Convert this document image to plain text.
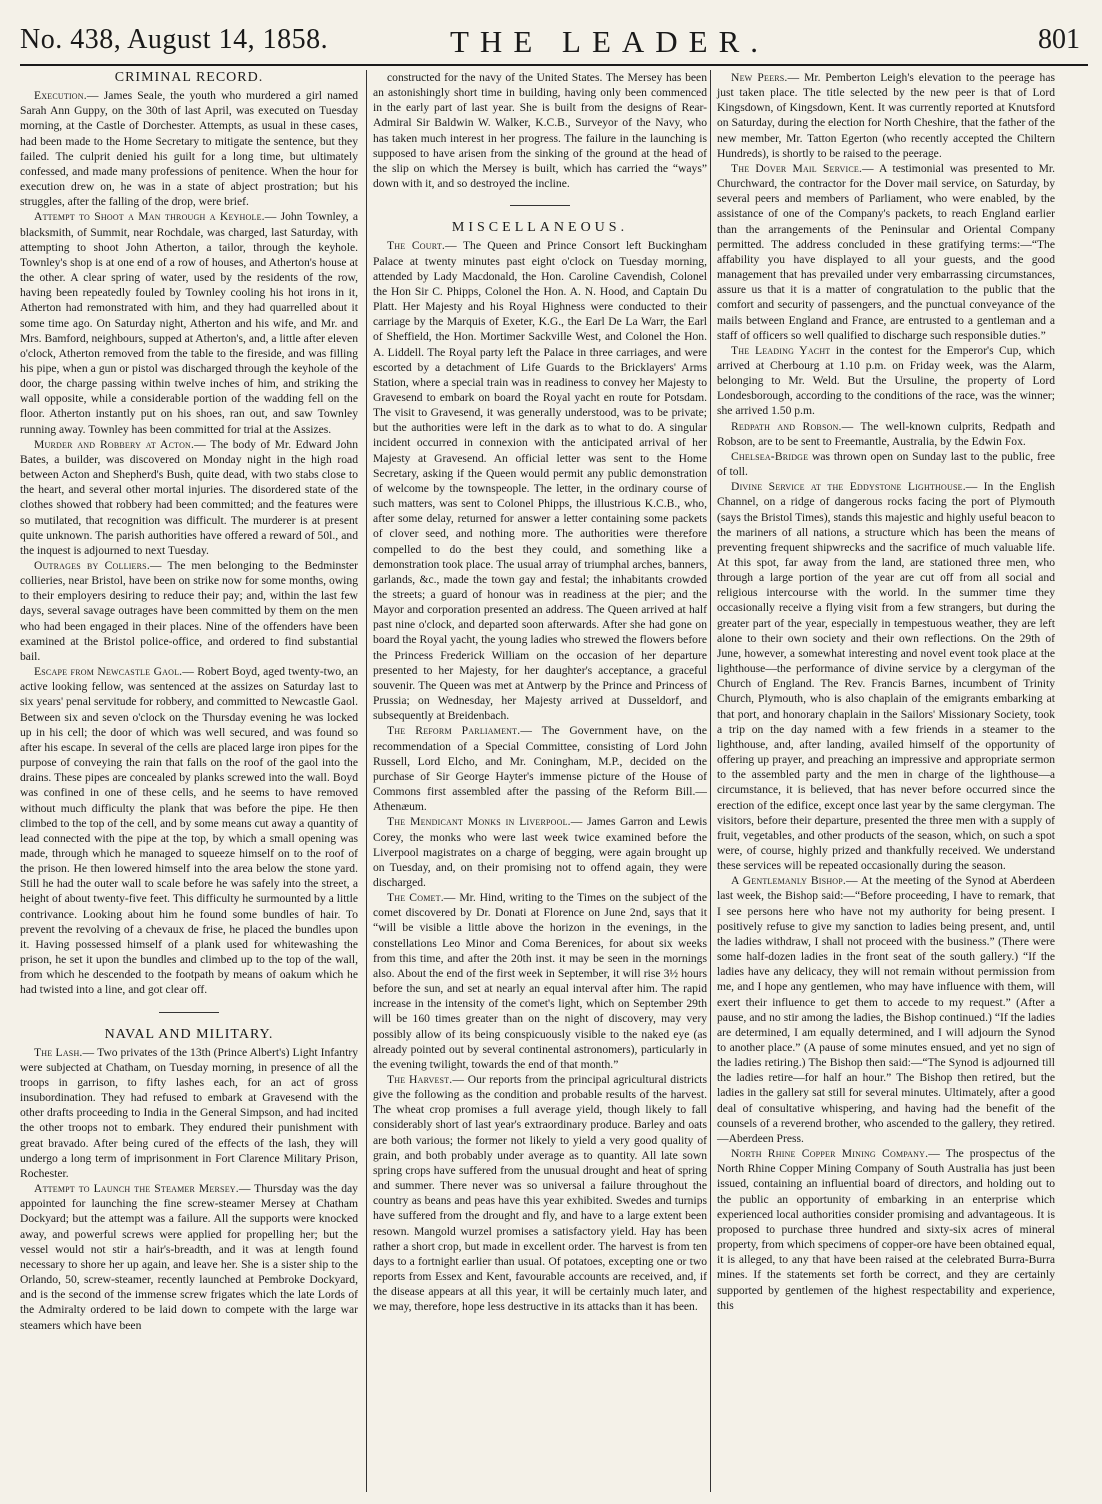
No. 438, August 14, 1858.	THE LEADER.	801
CRIMINAL RECORD.

Execution.— James Seale, the youth who murdered a girl named Sarah Ann Guppy, on the 30th of last April, was executed on Tuesday morning, at the Castle of Dorchester. Attempts, as usual in these cases, had been made to the Home Secretary to mitigate the sentence, but they failed. The culprit denied his guilt for a long time, but ultimately confessed, and made many professions of penitence. When the hour for execution drew on, he was in a state of abject prostration; but his struggles, after the falling of the drop, were brief.

Attempt to Shoot a Man through a Keyhole.— John Townley, a blacksmith, of Summit, near Rochdale, was charged, last Saturday, with attempting to shoot John Atherton, a tailor, through the keyhole. Townley's shop is at one end of a row of houses, and Atherton's house at the other. A clear spring of water, used by the residents of the row, having been repeatedly fouled by Townley cooling his hot irons in it, Atherton had remonstrated with him, and they had quarrelled about it some time ago. On Saturday night, Atherton and his wife, and Mr. and Mrs. Bamford, neighbours, supped at Atherton's, and, a little after eleven o'clock, Atherton removed from the table to the fireside, and was filling his pipe, when a gun or pistol was discharged through the keyhole of the door, the charge passing within twelve inches of him, and striking the wall opposite, while a considerable portion of the wadding fell on the floor. Atherton instantly put on his shoes, ran out, and saw Townley running away. Townley has been committed for trial at the Assizes.

Murder and Robbery at Acton.— The body of Mr. Edward John Bates, a builder, was discovered on Monday night in the high road between Acton and Shepherd's Bush, quite dead, with two stabs close to the heart, and several other mortal injuries. The disordered state of the clothes showed that robbery had been committed; and the features were so mutilated, that recognition was difficult. The murderer is at present quite unknown. The parish authorities have offered a reward of 50l., and the inquest is adjourned to next Tuesday.

Outrages by Colliers.— The men belonging to the Bedminster collieries, near Bristol, have been on strike now for some months, owing to their employers desiring to reduce their pay; and, within the last few days, several savage outrages have been committed by them on the men who had been engaged in their places. Nine of the offenders have been examined at the Bristol police-office, and ordered to find substantial bail.

Escape from Newcastle Gaol.— Robert Boyd, aged twenty-two, an active looking fellow, was sentenced at the assizes on Saturday last to six years' penal servitude for robbery, and committed to Newcastle Gaol. Between six and seven o'clock on the Thursday evening he was locked up in his cell; the door of which was well secured, and was found so after his escape. In several of the cells are placed large iron pipes for the purpose of conveying the rain that falls on the roof of the gaol into the drains. These pipes are concealed by planks screwed into the wall. Boyd was confined in one of these cells, and he seems to have removed without much difficulty the plank that was before the pipe. He then climbed to the top of the cell, and by some means cut away a quantity of lead connected with the pipe at the top, by which a small opening was made, through which he managed to squeeze himself on to the roof of the prison. He then lowered himself into the area below the stone yard. Still he had the outer wall to scale before he was safely into the street, a height of about twenty-five feet. This difficulty he surmounted by a little contrivance. Looking about him he found some bundles of hair. To prevent the revolving of a chevaux de frise, he placed the bundles upon it. Having possessed himself of a plank used for whitewashing the prison, he set it upon the bundles and climbed up to the top of the wall, from which he descended to the footpath by means of oakum which he had twisted into a line, and got clear off.

NAVAL AND MILITARY.

The Lash.— Two privates of the 13th (Prince Albert's) Light Infantry were subjected at Chatham, on Tuesday morning, in presence of all the troops in garrison, to fifty lashes each, for an act of gross insubordination. They had refused to embark at Gravesend with the other drafts proceeding to India in the General Simpson, and had incited the other troops not to embark. They endured their punishment with great bravado. After being cured of the effects of the lash, they will undergo a long term of imprisonment in Fort Clarence Military Prison, Rochester.

Attempt to Launch the Steamer Mersey.— Thursday was the day appointed for launching the fine screw-steamer Mersey at Chatham Dockyard; but the attempt was a failure. All the supports were knocked away, and powerful screws were applied for propelling her; but the vessel would not stir a hair's-breadth, and it was at length found necessary to shore her up again, and leave her. She is a sister ship to the Orlando, 50, screw-steamer, recently launched at Pembroke Dockyard, and is the second of the immense screw frigates which the late Lords of the Admiralty ordered to be laid down to compete with the large war steamers which have been

constructed for the navy of the United States. The Mersey has been an astonishingly short time in building, having only been commenced in the early part of last year. She is built from the designs of Rear-Admiral Sir Baldwin W. Walker, K.C.B., Surveyor of the Navy, who has taken much interest in her progress. The failure in the launching is supposed to have arisen from the sinking of the ground at the head of the slip on which the Mersey is built, which has carried the “ways” down with it, and so destroyed the incline.

MISCELLANEOUS.

The Court.— The Queen and Prince Consort left Buckingham Palace at twenty minutes past eight o'clock on Tuesday morning, attended by Lady Macdonald, the Hon. Caroline Cavendish, Colonel the Hon Sir C. Phipps, Colonel the Hon. A. N. Hood, and Captain Du Platt. Her Majesty and his Royal Highness were conducted to their carriage by the Marquis of Exeter, K.G., the Earl De La Warr, the Earl of Sheffield, the Hon. Mortimer Sackville West, and Colonel the Hon. A. Liddell. The Royal party left the Palace in three carriages, and were escorted by a detachment of Life Guards to the Bricklayers' Arms Station, where a special train was in readiness to convey her Majesty to Gravesend to embark on board the Royal yacht en route for Potsdam. The visit to Gravesend, it was generally understood, was to be private; but the authorities were left in the dark as to what to do. A singular incident occurred in connexion with the anticipated arrival of her Majesty at Gravesend. An official letter was sent to the Home Secretary, asking if the Queen would permit any public demonstration of welcome by the townspeople. The letter, in the ordinary course of such matters, was sent to Colonel Phipps, the illustrious K.C.B., who, after some delay, returned for answer a letter containing some packets of clover seed, and nothing more. The authorities were therefore compelled to do the best they could, and something like a demonstration took place. The usual array of triumphal arches, banners, garlands, &c., made the town gay and festal; the inhabitants crowded the streets; a guard of honour was in readiness at the pier; and the Mayor and corporation presented an address. The Queen arrived at half past nine o'clock, and departed soon afterwards. After she had gone on board the Royal yacht, the young ladies who strewed the flowers before the Princess Frederick William on the occasion of her departure presented to her Majesty, for her daughter's acceptance, a graceful souvenir. The Queen was met at Antwerp by the Prince and Princess of Prussia; on Wednesday, her Majesty arrived at Dusseldorf, and subsequently at Breidenbach.

The Reform Parliament.— The Government have, on the recommendation of a Special Committee, consisting of Lord John Russell, Lord Elcho, and Mr. Coningham, M.P., decided on the purchase of Sir George Hayter's immense picture of the House of Commons first assembled after the passing of the Reform Bill.—Athenæum.

The Mendicant Monks in Liverpool.— James Garron and Lewis Corey, the monks who were last week twice examined before the Liverpool magistrates on a charge of begging, were again brought up on Tuesday, and, on their promising not to offend again, they were discharged.

The Comet.— Mr. Hind, writing to the Times on the subject of the comet discovered by Dr. Donati at Florence on June 2nd, says that it “will be visible a little above the horizon in the evenings, in the constellations Leo Minor and Coma Berenices, for about six weeks from this time, and after the 20th inst. it may be seen in the mornings also. About the end of the first week in September, it will rise 3½ hours before the sun, and set at nearly an equal interval after him. The rapid increase in the intensity of the comet's light, which on September 29th will be 160 times greater than on the night of discovery, may very possibly allow of its being conspicuously visible to the naked eye (as already pointed out by several continental astronomers), particularly in the evening twilight, towards the end of that month.”

The Harvest.— Our reports from the principal agricultural districts give the following as the condition and probable results of the harvest. The wheat crop promises a full average yield, though likely to fall considerably short of last year's extraordinary produce. Barley and oats are both various; the former not likely to yield a very good quality of grain, and both probably under average as to quantity. All late sown spring crops have suffered from the unusual drought and heat of spring and summer. There never was so universal a failure throughout the country as beans and peas have this year exhibited. Swedes and turnips have suffered from the drought and fly, and have to a large extent been resown. Mangold wurzel promises a satisfactory yield. Hay has been rather a short crop, but made in excellent order. The harvest is from ten days to a fortnight earlier than usual. Of potatoes, excepting one or two reports from Essex and Kent, favourable accounts are received, and, if the disease appears at all this year, it will be certainly much later, and we may, therefore, hope less destructive in its attacks than it has been.

New Peers.— Mr. Pemberton Leigh's elevation to the peerage has just taken place. The title selected by the new peer is that of Lord Kingsdown, of Kingsdown, Kent. It was currently reported at Knutsford on Saturday, during the election for North Cheshire, that the father of the new member, Mr. Tatton Egerton (who recently accepted the Chiltern Hundreds), is shortly to be raised to the peerage.

The Dover Mail Service.— A testimonial was presented to Mr. Churchward, the contractor for the Dover mail service, on Saturday, by several peers and members of Parliament, who were enabled, by the assistance of one of the Company's packets, to reach England earlier than the arrangements of the Peninsular and Oriental Company permitted. The address concluded in these gratifying terms:—“The affability you have displayed to all your guests, and the good management that has prevailed under very embarrassing circumstances, assure us that it is a matter of congratulation to the public that the comfort and security of passengers, and the punctual conveyance of the mails between England and France, are entrusted to a gentleman and a staff of officers so well qualified to discharge such responsible duties.”

The Leading Yacht in the contest for the Emperor's Cup, which arrived at Cherbourg at 1.10 p.m. on Friday week, was the Alarm, belonging to Mr. Weld. But the Ursuline, the property of Lord Londesborough, according to the conditions of the race, was the winner; she arrived 1.50 p.m.

Redpath and Robson.— The well-known culprits, Redpath and Robson, are to be sent to Freemantle, Australia, by the Edwin Fox.

Chelsea-Bridge was thrown open on Sunday last to the public, free of toll.

Divine Service at the Eddystone Lighthouse.— In the English Channel, on a ridge of dangerous rocks facing the port of Plymouth (says the Bristol Times), stands this majestic and highly useful beacon to the mariners of all nations, a structure which has been the means of preventing frequent shipwrecks and the sacrifice of much valuable life. At this spot, far away from the land, are stationed three men, who through a large portion of the year are cut off from all social and religious intercourse with the world. In the summer time they occasionally receive a flying visit from a few strangers, but during the greater part of the year, especially in tempestuous weather, they are left alone to their own society and their own reflections. On the 29th of June, however, a somewhat interesting and novel event took place at the lighthouse—the performance of divine service by a clergyman of the Church of England. The Rev. Francis Barnes, incumbent of Trinity Church, Plymouth, who is also chaplain of the emigrants embarking at that port, and honorary chaplain in the Sailors' Missionary Society, took a trip on the day named with a few friends in a steamer to the lighthouse, and, after landing, availed himself of the opportunity of offering up prayer, and preaching an impressive and appropriate sermon to the assembled party and the men in charge of the lighthouse—a circumstance, it is believed, that has never before occurred since the erection of the edifice, except once last year by the same clergyman. The visitors, before their departure, presented the three men with a supply of fruit, vegetables, and other products of the season, which, on such a spot were, of course, highly prized and thankfully received. We understand these services will be repeated occasionally during the season.

A Gentlemanly Bishop.— At the meeting of the Synod at Aberdeen last week, the Bishop said:—“Before proceeding, I have to remark, that I see persons here who have not my authority for being present. I positively refuse to give my sanction to ladies being present, and, until the ladies withdraw, I shall not proceed with the business.” (There were some half-dozen ladies in the front seat of the south gallery.) “If the ladies have any delicacy, they will not remain without permission from me, and I hope any gentlemen, who may have influence with them, will exert their influence to get them to accede to my request.” (After a pause, and no stir among the ladies, the Bishop continued.) “If the ladies are determined, I am equally determined, and I will adjourn the Synod to another place.” (A pause of some minutes ensued, and yet no sign of the ladies retiring.) The Bishop then said:—“The Synod is adjourned till the ladies retire—for half an hour.” The Bishop then retired, but the ladies in the gallery sat still for several minutes. Ultimately, after a good deal of consultative whispering, and having had the benefit of the counsels of a reverend brother, who ascended to the gallery, they retired.—Aberdeen Press.

North Rhine Copper Mining Company.— The prospectus of the North Rhine Copper Mining Company of South Australia has just been issued, containing an influential board of directors, and holding out to the public an opportunity of embarking in an enterprise which experienced local authorities consider promising and advantageous. It is proposed to purchase three hundred and sixty-six acres of mineral property, from which specimens of copper-ore have been obtained equal, it is alleged, to any that have been raised at the celebrated Burra-Burra mines. If the statements set forth be correct, and they are certainly supported by gentlemen of the highest respectability and experience, this
